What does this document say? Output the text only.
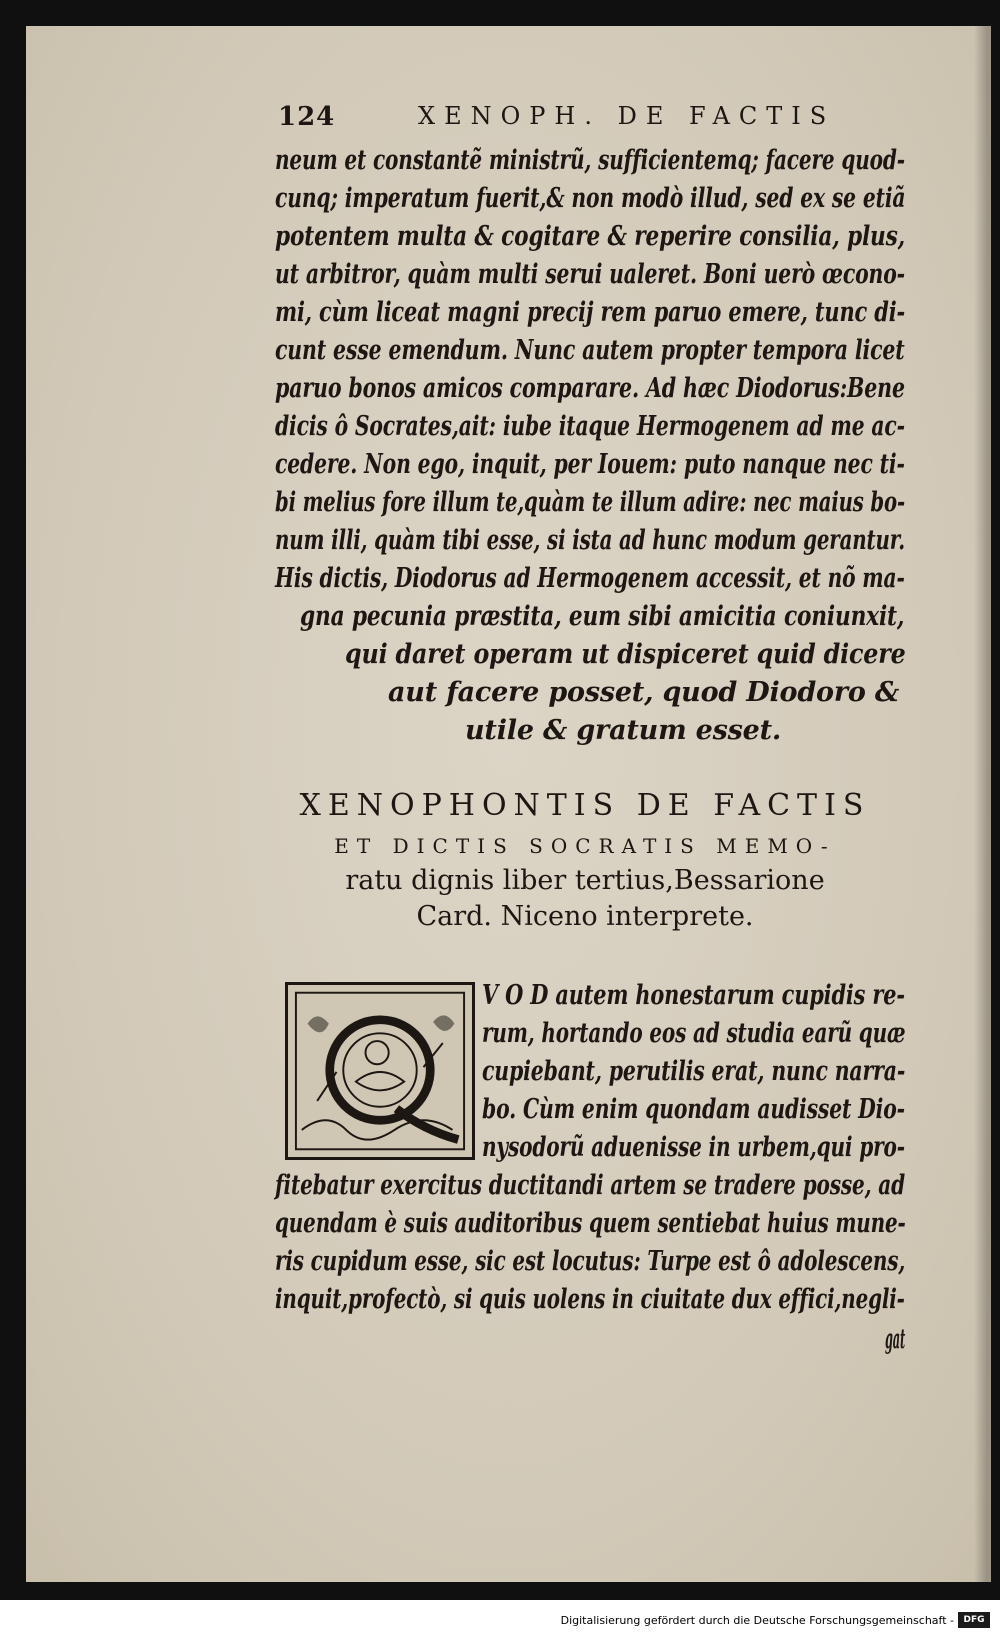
124	XENOPH. DE FACTIS
neum et constantẽ ministrũ, sufficientemq; facere quod-
cunq; imperatum fuerit,& non modò illud, sed ex se etiã
potentem multa & cogitare & reperire consilia, plus,
ut arbitror, quàm multi serui ualeret. Boni uerò œcono-
mi, cùm liceat magni precij rem paruo emere, tunc di-
cunt esse emendum. Nunc autem propter tempora licet
paruo bonos amicos comparare. Ad hæc Diodorus:Bene
dicis ô Socrates,ait: iube itaque Hermogenem ad me ac-
cedere. Non ego, inquit, per Iouem: puto nanque nec ti-
bi melius fore illum te,quàm te illum adire: nec maius bo-
num illi, quàm tibi esse, si ista ad hunc modum gerantur.
His dictis, Diodorus ad Hermogenem accessit, et nõ ma-
gna pecunia præstita, eum sibi amicitia coniunxit,
qui daret operam ut dispiceret quid dicere
aut facere posset, quod Diodoro &
utile & gratum esset.
XENOPHONTIS DE FACTIS
ET DICTIS SOCRATIS MEMO-
ratu dignis liber tertius,Bessarione
Card. Niceno interprete.
V O D autem honestarum cupidis re-
rum, hortando eos ad studia earũ quæ
cupiebant, perutilis erat, nunc narra-
bo. Cùm enim quondam audisset Dio-
nysodorũ aduenisse in urbem,qui pro-
fitebatur exercitus ductitandi artem se tradere posse, ad
quendam è suis auditoribus quem sentiebat huius mune-
ris cupidum esse, sic est locutus: Turpe est ô adolescens,
inquit,profectò, si quis uolens in ciuitate dux effici,negli-
gat
Digitalisierung gefördert durch die Deutsche Forschungsgemeinschaft -	DFG
